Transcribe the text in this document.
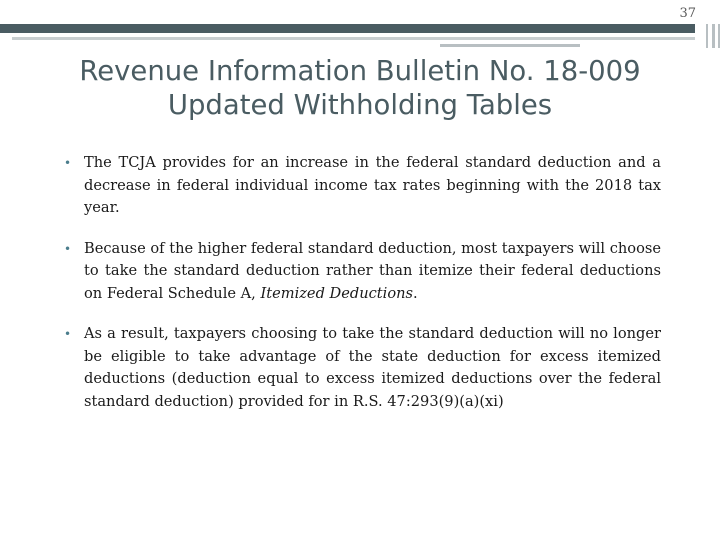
37
Revenue Information Bulletin No. 18-009
Updated Withholding Tables
• The TCJA provides for an increase in the federal standard deduction and a decrease in federal individual income tax rates beginning with the 2018 tax year.
• Because of the higher federal standard deduction, most taxpayers will choose to take the standard deduction rather than itemize their federal deductions on Federal Schedule A, Itemized Deductions.
• As a result, taxpayers choosing to take the standard deduction will no longer be eligible to take advantage of the state deduction for excess itemized deductions (deduction equal to excess itemized deductions over the federal standard deduction) provided for in R.S. 47:293(9)(a)(xi)
